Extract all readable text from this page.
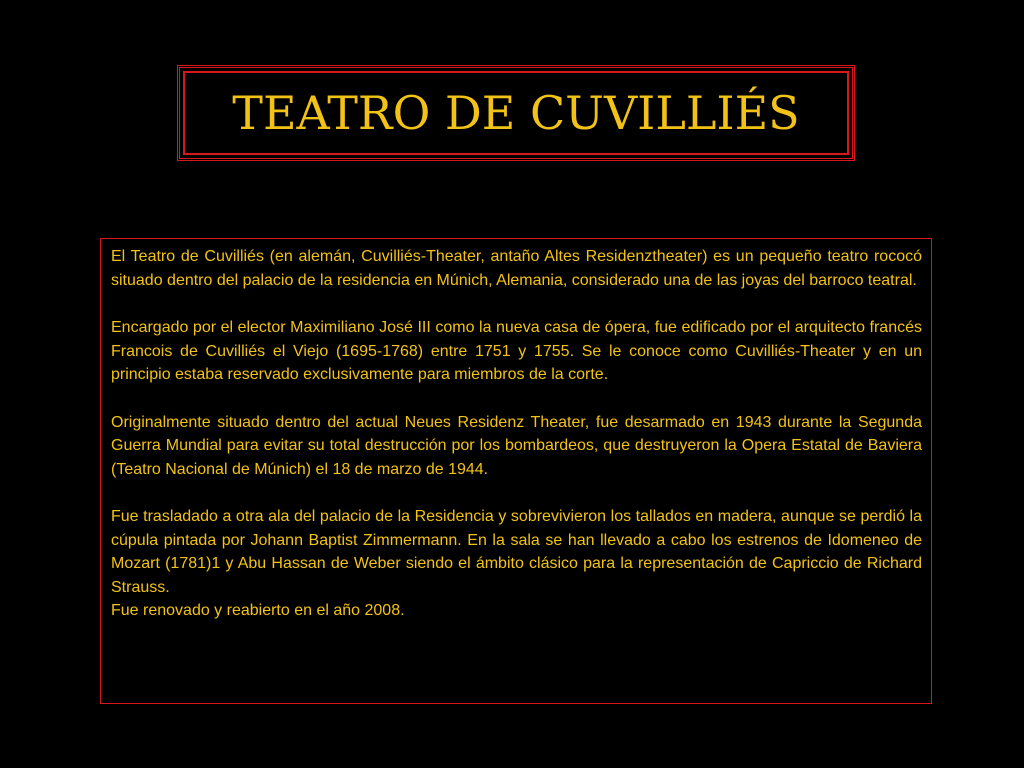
TEATRO DE CUVILLIÉS

El Teatro de Cuvilliés (en alemán, Cuvilliés-Theater, antaño Altes Residenztheater) es un pequeño teatro rococó situado dentro del palacio de la residencia en Múnich, Alemania, considerado una de las joyas del barroco teatral.

Encargado por el elector Maximiliano José III como la nueva casa de ópera, fue edificado por el arquitecto francés Francois de Cuvilliés el Viejo (1695-1768) entre 1751 y 1755. Se le conoce como Cuvilliés-Theater y en un principio estaba reservado exclusivamente para miembros de la corte.

Originalmente situado dentro del actual Neues Residenz Theater, fue desarmado en 1943 durante la Segunda Guerra Mundial para evitar su total destrucción por los bombardeos, que destruyeron la Opera Estatal de Baviera (Teatro Nacional de Múnich) el 18 de marzo de 1944.

Fue trasladado a otra ala del palacio de la Residencia y sobrevivieron los tallados en madera, aunque se perdió la cúpula pintada por Johann Baptist Zimmermann. En la sala se han llevado a cabo los estrenos de Idomeneo de Mozart (1781)1 y Abu Hassan de Weber siendo el ámbito clásico para la representación de Capriccio de Richard Strauss.

Fue renovado y reabierto en el año 2008.
